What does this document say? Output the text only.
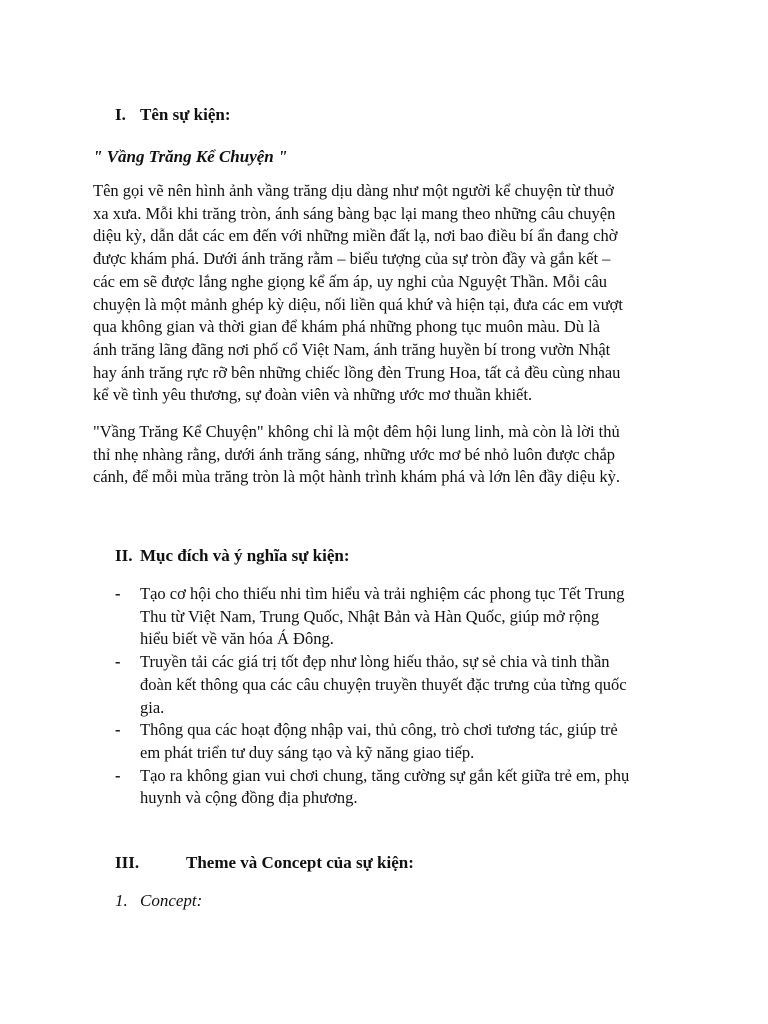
I. Tên sự kiện:
" Vầng Trăng Kể Chuyện "

Tên gọi vẽ nên hình ảnh vầng trăng dịu dàng như một người kể chuyện từ thuở
xa xưa. Mỗi khi trăng tròn, ánh sáng bàng bạc lại mang theo những câu chuyện
diệu kỳ, dẫn dắt các em đến với những miền đất lạ, nơi bao điều bí ẩn đang chờ
được khám phá. Dưới ánh trăng rằm – biểu tượng của sự tròn đầy và gắn kết –
các em sẽ được lắng nghe giọng kể ấm áp, uy nghi của Nguyệt Thần. Mỗi câu
chuyện là một mảnh ghép kỳ diệu, nối liền quá khứ và hiện tại, đưa các em vượt
qua không gian và thời gian để khám phá những phong tục muôn màu. Dù là
ánh trăng lãng đãng nơi phố cổ Việt Nam, ánh trăng huyền bí trong vườn Nhật
hay ánh trăng rực rỡ bên những chiếc lồng đèn Trung Hoa, tất cả đều cùng nhau
kể về tình yêu thương, sự đoàn viên và những ước mơ thuần khiết.

"Vầng Trăng Kể Chuyện" không chỉ là một đêm hội lung linh, mà còn là lời thủ
thỉ nhẹ nhàng rằng, dưới ánh trăng sáng, những ước mơ bé nhỏ luôn được chắp
cánh, để mỗi mùa trăng tròn là một hành trình khám phá và lớn lên đầy diệu kỳ.

II. Mục đích và ý nghĩa sự kiện:
- Tạo cơ hội cho thiếu nhi tìm hiểu và trải nghiệm các phong tục Tết Trung
Thu từ Việt Nam, Trung Quốc, Nhật Bản và Hàn Quốc, giúp mở rộng
hiểu biết về văn hóa Á Đông.
- Truyền tải các giá trị tốt đẹp như lòng hiếu thảo, sự sẻ chia và tinh thần
đoàn kết thông qua các câu chuyện truyền thuyết đặc trưng của từng quốc
gia.
- Thông qua các hoạt động nhập vai, thủ công, trò chơi tương tác, giúp trẻ
em phát triển tư duy sáng tạo và kỹ năng giao tiếp.
- Tạo ra không gian vui chơi chung, tăng cường sự gắn kết giữa trẻ em, phụ
huynh và cộng đồng địa phương.
III.	Theme và Concept của sự kiện:
1. Concept:
